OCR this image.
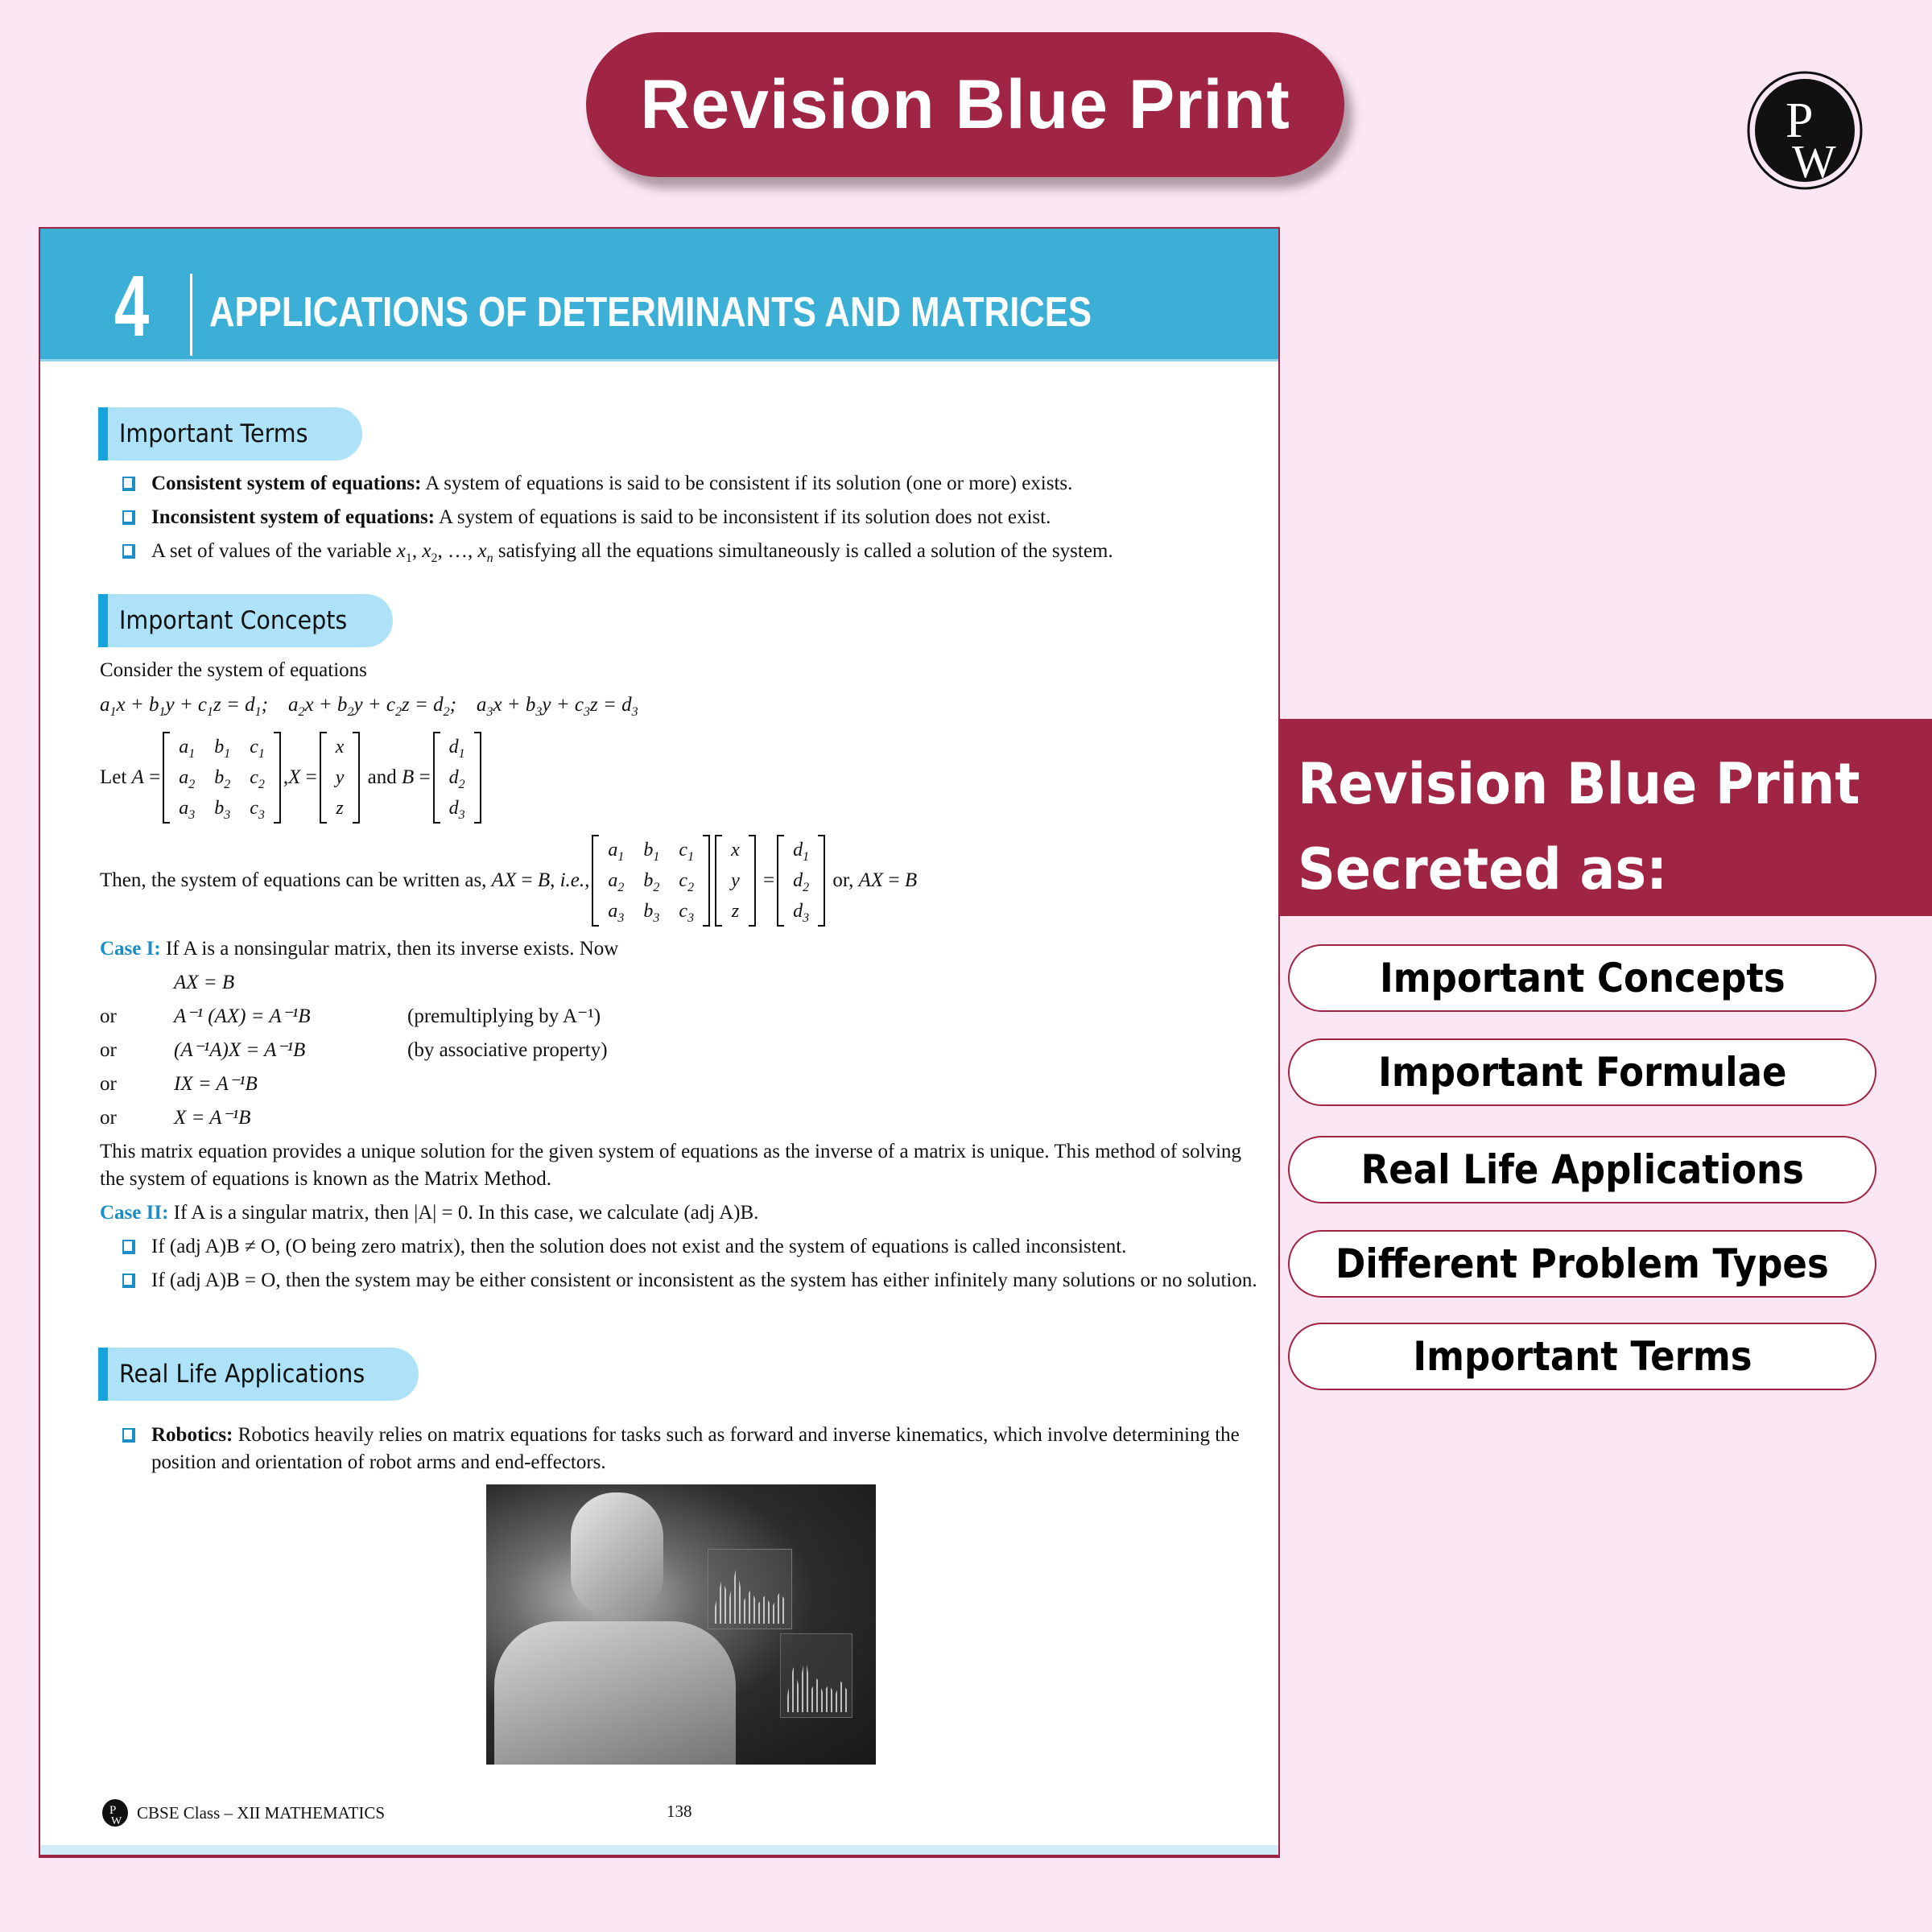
Revision Blue Print	P
W
4 APPLICATIONS OF DETERMINANTS AND MATRICES
Important Terms
Consistent system of equations: A system of equations is said to be consistent if its solution (one or more) exists.
Inconsistent system of equations: A system of equations is said to be inconsistent if its solution does not exist.
A set of values of the variable $x_1$, $x_2$, …, $x_n$ satisfying all the equations simultaneously is called a solution of the system.
Important Concepts
Consider the system of equations
$a_1x + b_1y + c_1z = d_1$;    $a_2x + b_2y + c_2z = d_2$;    $a_3x + b_3y + c_3z = d_3$
Let
A =
$a_1$	$b_1$	$c_1$
$a_2$	$b_2$	$c_2$
$a_3$	$b_3$	$c_3$
, X =
x
y
z

and
B =
$d_1$
$d_2$
$d_3$
Then, the system of equations can be written as,
AX = B , i.e.,
$a_1$	$b_1$	$c_1$
$a_2$	$b_2$	$c_2$
$a_3$	$b_3$	$c_3$
x
y
z
=
$d_1$
$d_2$
$d_3$

or,
AX = B
Case I: If A is a nonsingular matrix, then its inverse exists. Now
AX = B
or	A⁻¹ (AX) = A⁻¹B	(premultiplying by A⁻¹)
or	(A⁻¹A)X = A⁻¹B	(by associative property)
or	IX = A⁻¹B
or	X = A⁻¹B
This matrix equation provides a unique solution for the given system of equations as the inverse of a matrix is unique. This method of solving the system of equations is known as the Matrix Method.
Case II: If A is a singular matrix, then |A| = 0. In this case, we calculate (adj A)B.
If (adj A)B ≠ O, (O being zero matrix), then the solution does not exist and the system of equations is called inconsistent.
If (adj A)B = O, then the system may be either consistent or inconsistent as the system has either infinitely many solutions or no solution.
Real Life Applications
Robotics: Robotics heavily relies on matrix equations for tasks such as forward and inverse kinematics, which involve determining the position and orientation of robot arms and end-effectors.
P
W CBSE Class – XII MATHEMATICS	138
Revision Blue Print
Secreted as:
Important Concepts
Important Formulae
Real Life Applications
Different Problem Types
Important Terms
